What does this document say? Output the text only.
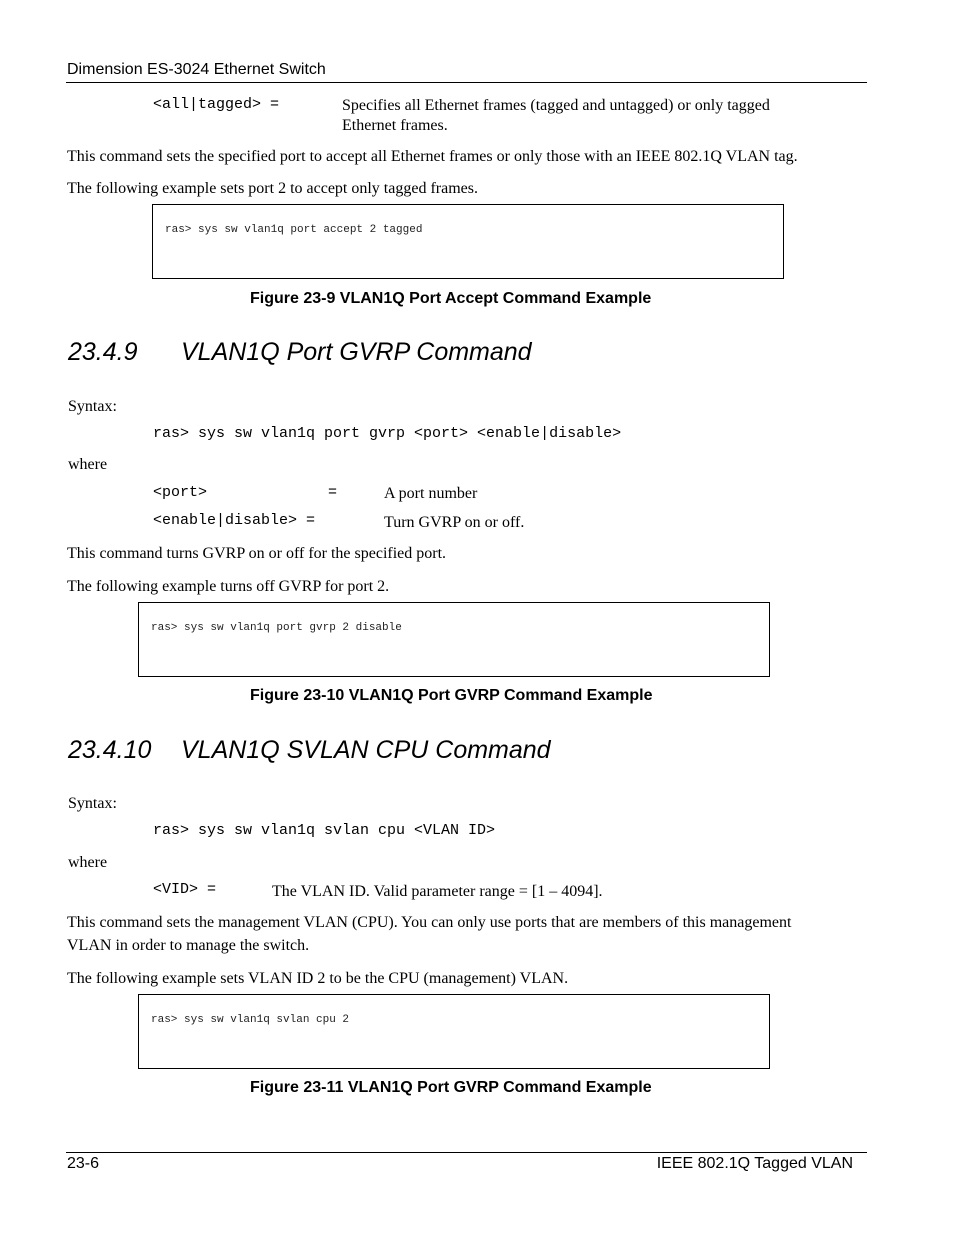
Dimension ES-3024 Ethernet Switch
<all|tagged> =	Specifies all Ethernet frames (tagged and untagged) or only tagged
Ethernet frames.
This command sets the specified port to accept all Ethernet frames or only those with an IEEE 802.1Q VLAN tag.
The following example sets port 2 to accept only tagged frames.
ras> sys sw vlan1q port accept 2 tagged
Figure 23-9 VLAN1Q Port Accept Command Example
23.4.9 VLAN1Q Port GVRP Command
Syntax:
ras> sys sw vlan1q port gvrp <port> <enable|disable>
where
<port>	=	A port number
<enable|disable> =	Turn GVRP on or off.
This command turns GVRP on or off for the specified port.
The following example turns off GVRP for port 2.
ras> sys sw vlan1q port gvrp 2 disable
Figure 23-10 VLAN1Q Port GVRP Command Example
23.4.10 VLAN1Q SVLAN CPU Command
Syntax:
ras> sys sw vlan1q svlan cpu <VLAN ID>
where
<VID> =	The VLAN ID. Valid parameter range = [1 – 4094].
This command sets the management VLAN (CPU). You can only use ports that are members of this management
VLAN in order to manage the switch.
The following example sets VLAN ID 2 to be the CPU (management) VLAN.
ras> sys sw vlan1q svlan cpu 2
Figure 23-11 VLAN1Q Port GVRP Command Example
23-6	IEEE 802.1Q Tagged VLAN
